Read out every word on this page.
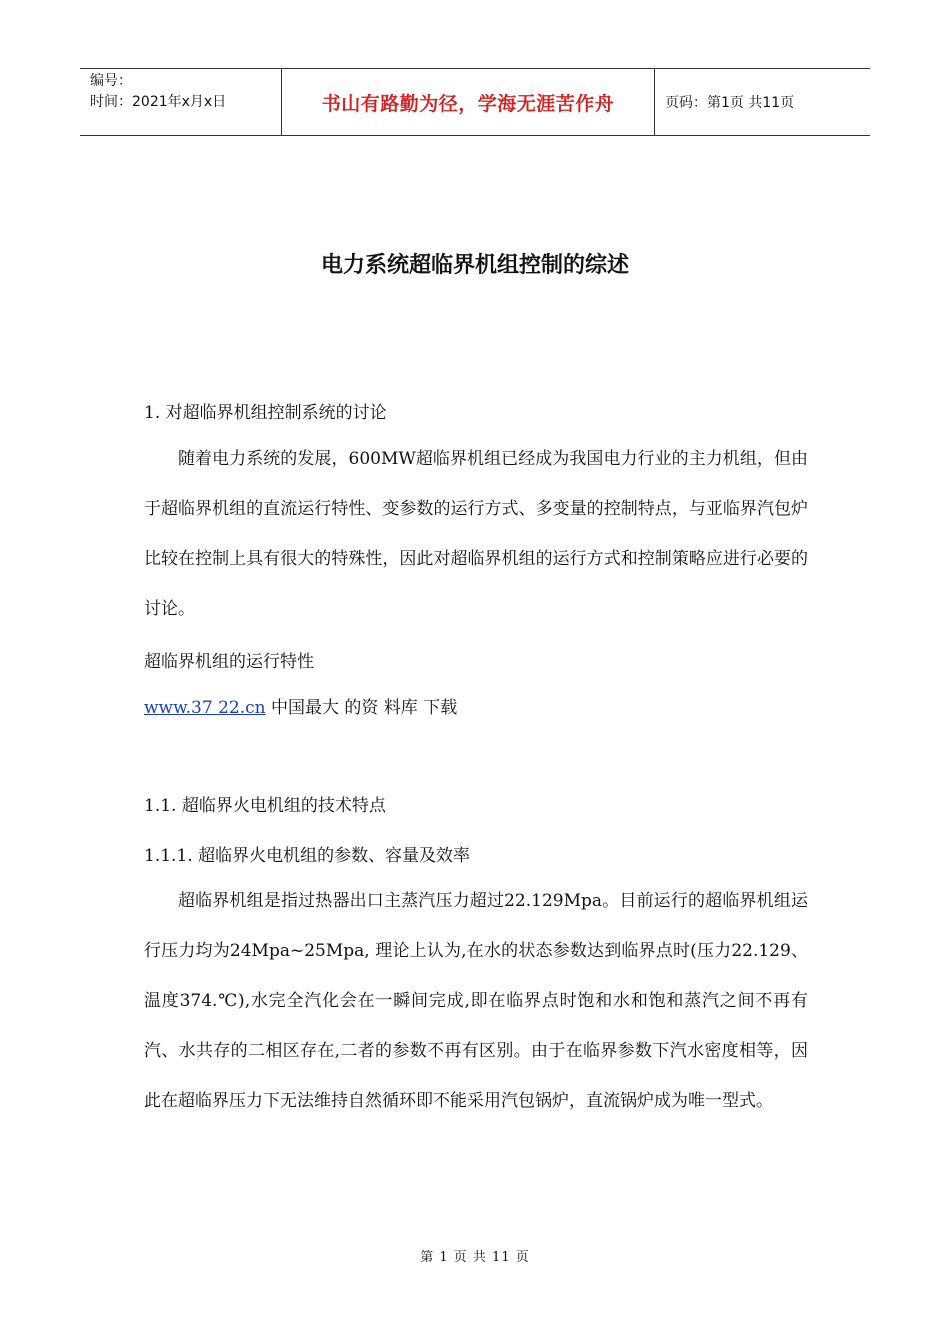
编号：
时间：2021年x月x日	书山有路勤为径，学海无涯苦作舟	页码：第1页 共11页
电力系统超临界机组控制的综述
1. 对超临界机组控制系统的讨论
随着电力系统的发展，600MW超临界机组已经成为我国电力行业的主力机组，但由于超临界机组的直流运行特性、变参数的运行方式、多变量的控制特点，与亚临界汽包炉比较在控制上具有很大的特殊性，因此对超临界机组的运行方式和控制策略应进行必要的讨论。
超临界机组的运行特性
www.37 22.cn 中国最大 的资 料库 下载
1.1. 超临界火电机组的技术特点
1.1.1. 超临界火电机组的参数、容量及效率
超临界机组是指过热器出口主蒸汽压力超过22.129Mpa。目前运行的超临界机组运行压力均为24Mpa~25Mpa, 理论上认为,在水的状态参数达到临界点时(压力22.129、温度374.℃),水完全汽化会在一瞬间完成,即在临界点时饱和水和饱和蒸汽之间不再有汽、水共存的二相区存在,二者的参数不再有区别。由于在临界参数下汽水密度相等，因此在超临界压力下无法维持自然循环即不能采用汽包锅炉，直流锅炉成为唯一型式。
第 1 页 共 11 页
